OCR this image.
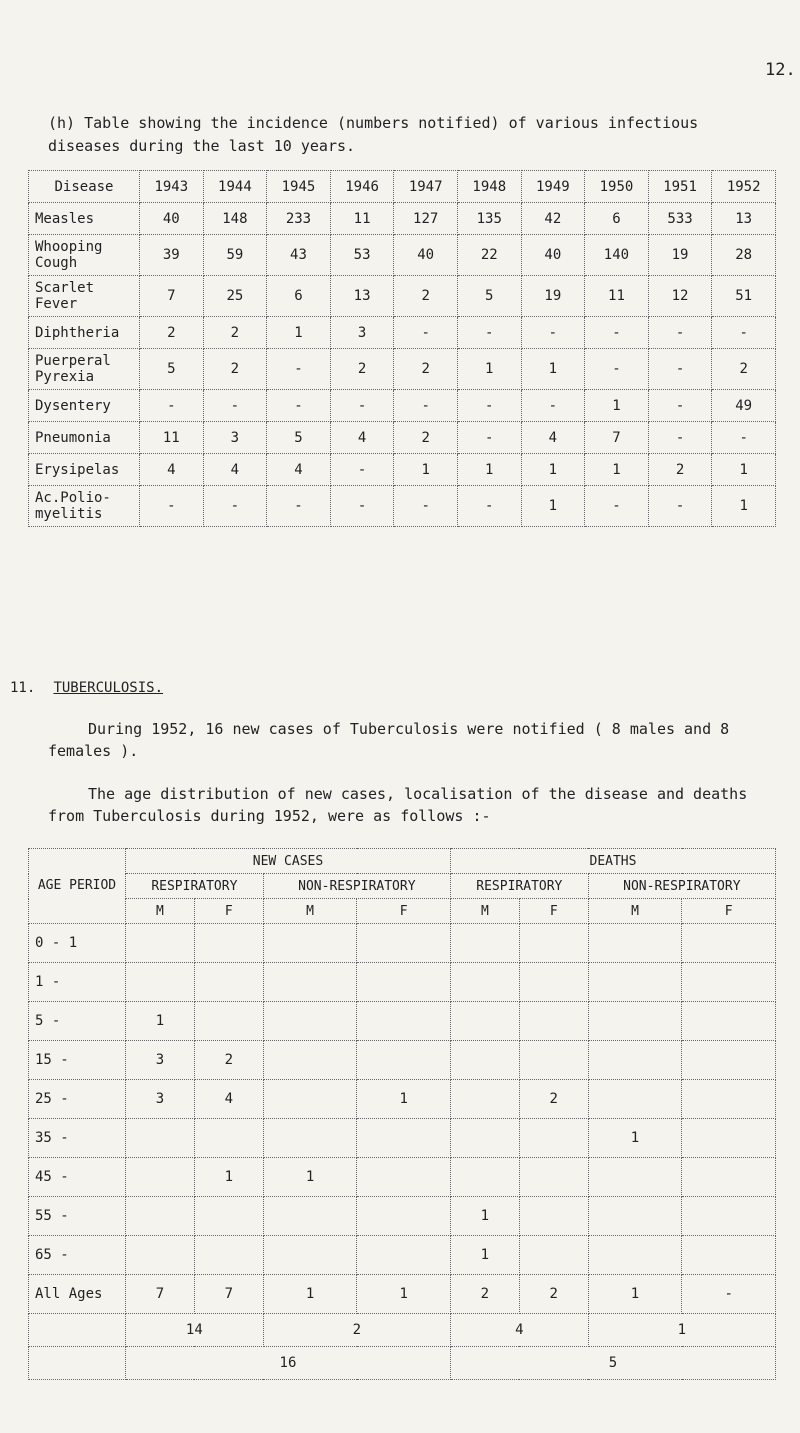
12.
(h) Table showing the incidence (numbers notified) of various infectious diseases during the last 10 years.
Disease	1943	1944	1945	1946	1947	1948	1949	1950	1951	1952
Measles	40	148	233	11	127	135	42	6	533	13
Whooping Cough	39	59	43	53	40	22	40	140	19	28
Scarlet Fever	7	25	6	13	2	5	19	11	12	51
Diphtheria	2	2	1	3	-	-	-	-	-	-
Puerperal Pyrexia	5	2	-	2	2	1	1	-	-	2
Dysentery	-	-	-	-	-	-	-	1	-	49
Pneumonia	11	3	5	4	2	-	4	7	-	-
Erysipelas	4	4	4	-	1	1	1	1	2	1
Ac.Polio-myelitis	-	-	-	-	-	-	1	-	-	1
11. TUBERCULOSIS.
During 1952, 16 new cases of Tuberculosis were notified ( 8 males and 8 females ).
The age distribution of new cases, localisation of the disease and deaths from Tuberculosis during 1952, were as follows :-
AGE PERIOD	NEW CASES				DEATHS			
	RESPIRATORY		NON-RESPIRATORY		RESPIRATORY		NON-RESPIRATORY	
	M	F	M	F	M	F	M	F
0 - 1								
1 -								
5 -	1							
15 -	3	2						
25 -	3	4		1		2		
35 -							1	
45 -		1	1					
55 -					1			
65 -					1			
All Ages	7	7	1	1	2	2	1	-
	14		2		4		1	
	16				5			
